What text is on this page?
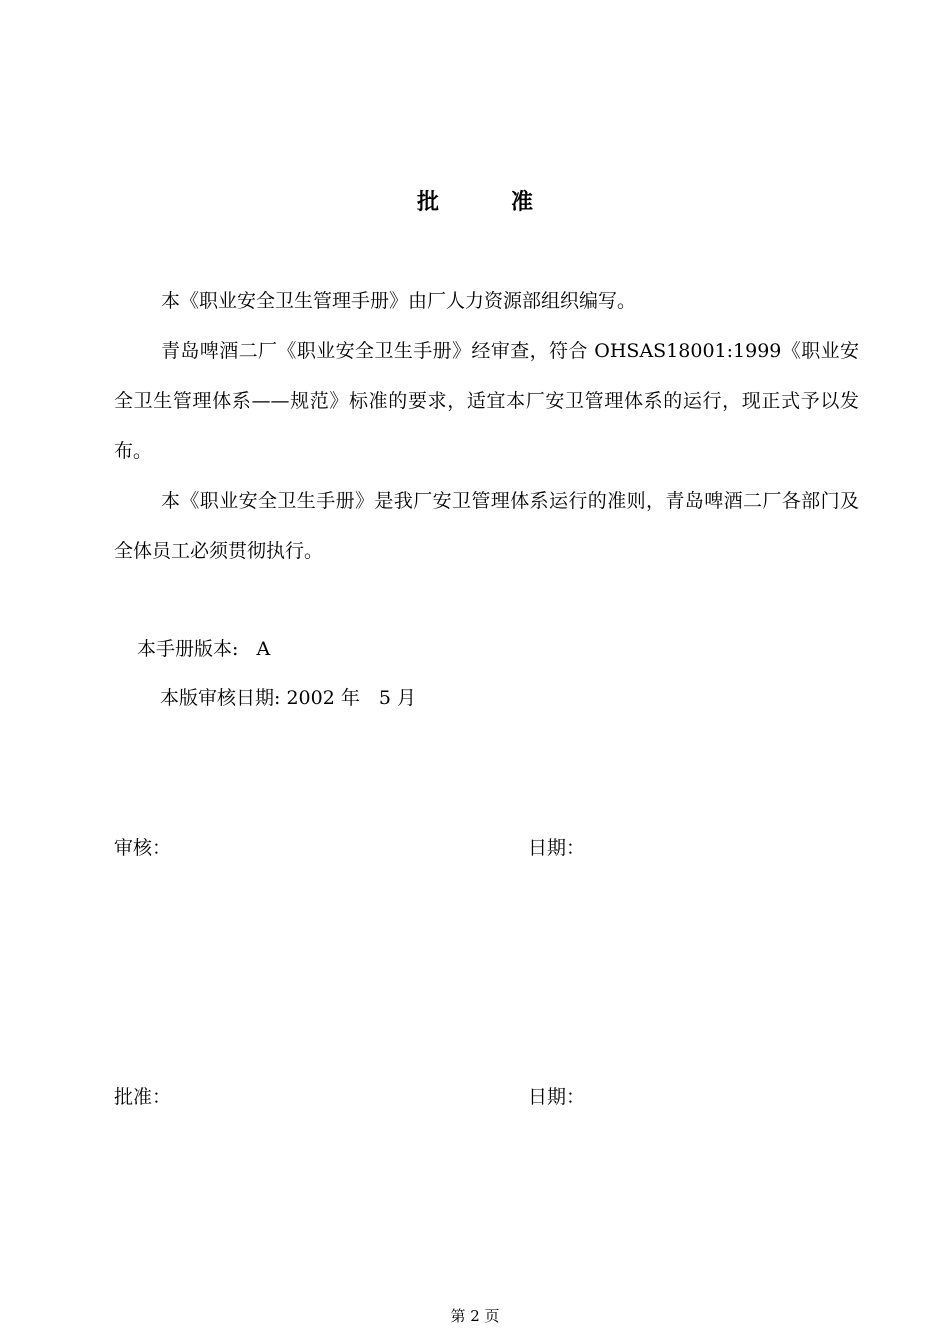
批	准

本《职业安全卫生管理手册》由厂人力资源部组织编写。

青岛啤酒二厂《职业安全卫生手册》经审查，符合 OHSAS18001:1999《职业安全卫生管理体系——规范》标准的要求，适宜本厂安卫管理体系的运行，现正式予以发布。

本《职业安全卫生手册》是我厂安卫管理体系运行的准则，青岛啤酒二厂各部门及全体员工必须贯彻执行。

本手册版本: A
本版审核日期: 2002 年　5 月
审核：	日期：
批准：	日期：
第 2 页
